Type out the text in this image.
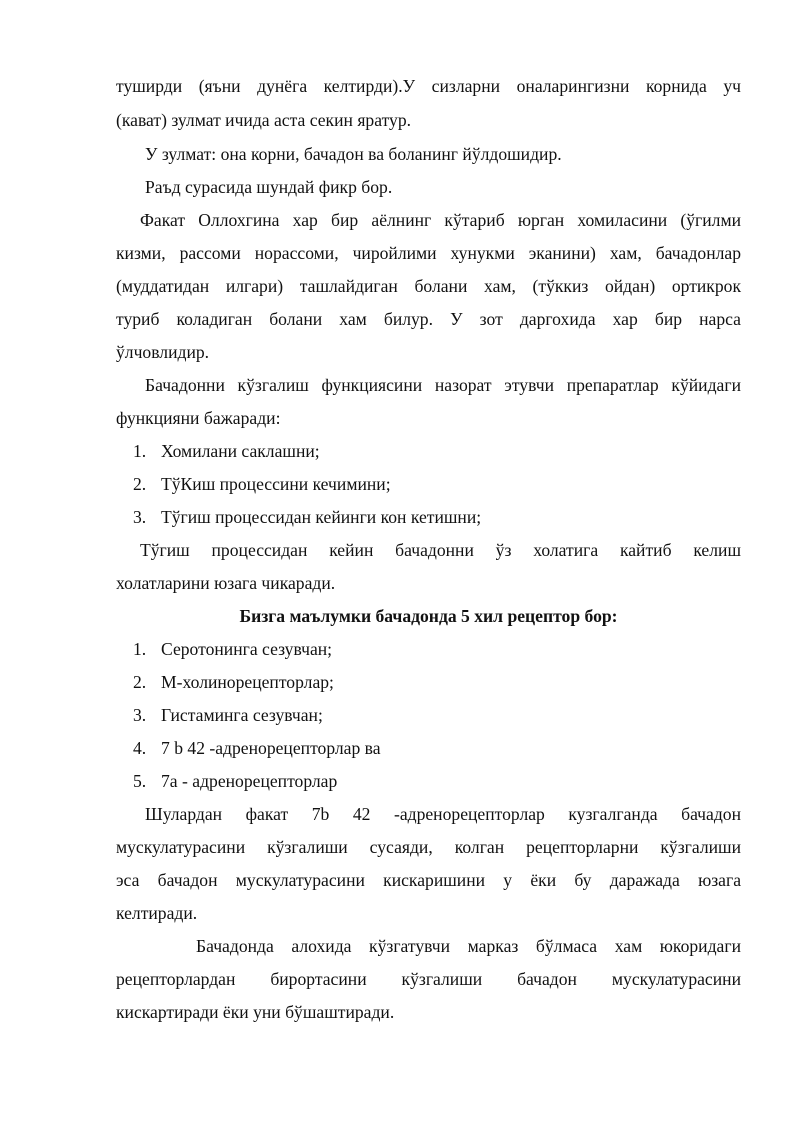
туширди (яъни дунёга келтирди).У сизларни оналарингизни корнида уч
(кават) зулмат ичида аста секин яратур.
У зулмат: она корни, бачадон ва боланинг йўлдошидир.
Раъд сурасида шундай фикр бор.
Факат Оллохгина хар бир аёлнинг кўтариб юрган хомиласини (ўгилми
кизми, рассоми норассоми, чиройлими хунукми эканини) хам, бачадонлар
(муддатидан илгари) ташлайдиган болани хам, (тўккиз ойдан) ортикрок
туриб коладиган болани хам билур. У зот даргохида хар бир нарса
ўлчовлидир.
Бачадонни кўзгалиш функциясини назорат этувчи препаратлар кўйидаги
функцияни бажаради:
1. Хомилани саклашни;
2. ТўКиш процессини кечимини;
3. Тўгиш процессидан кейинги кон кетишни;
Тўгиш процессидан кейин бачадонни ўз холатига кайтиб келиш
холатларини юзага чикаради.
Бизга маълумки бачадонда 5 хил рецептор бор:
1. Серотонинга сезувчан;
2. М-холинорецепторлар;
3. Гистаминга сезувчан;
4. 7 b 42 -адренорецепторлар ва
5. 7a - адренорецепторлар
Шулардан факат 7b 42 -адренорецепторлар кузгалганда бачадон
мускулатурасини кўзгалиши сусаяди, колган рецепторларни кўзгалиши
эса бачадон мускулатурасини кискаришини у ёки бу даражада юзага
келтиради.
Бачадонда алохида кўзгатувчи марказ бўлмаса хам юкоридаги
рецепторлардан бирортасини кўзгалиши бачадон мускулатурасини
кискартиради ёки уни бўшаштиради.
